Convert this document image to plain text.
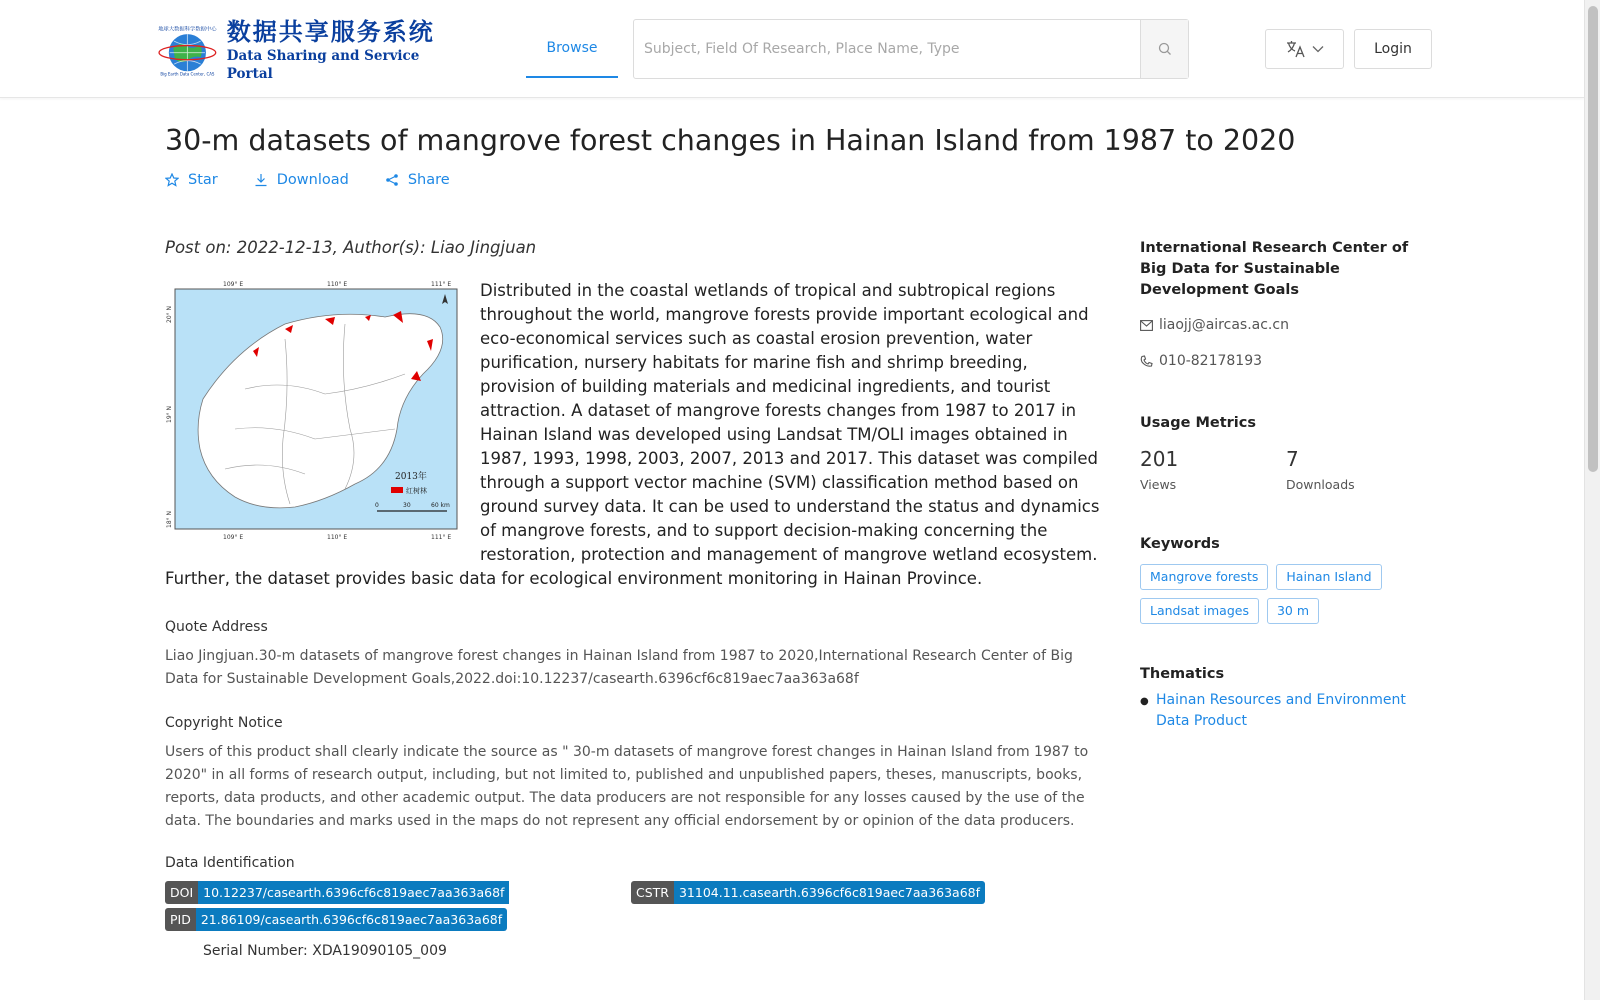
地球大数据科学数据中心
Big Earth Data Center, CAS
数据共享服务系统
Data Sharing and Service Portal
Browse
Subject, Field Of Research, Place Name, Type	Login
30-m datasets of mangrove forest changes in Hainan Island from 1987 to 2020
Star	Download	Share
Post on: 2022-12-13, Author(s): Liao Jingjuan
2013年
红树林
0	30	60 km
109° E	110° E	111° E
109° E	110° E	111° E
20° N
19° N
18° N
Distributed in the coastal wetlands of tropical and subtropical regions throughout the world, mangrove forests provide important ecological and eco-economical services such as coastal erosion prevention, water purification, nursery habitats for marine fish and shrimp breeding, provision of building materials and medicinal ingredients, and tourist attraction. A dataset of mangrove forests changes from 1987 to 2017 in Hainan Island was developed using Landsat TM/OLI images obtained in 1987, 1993, 1998, 2003, 2007, 2013 and 2017. This dataset was compiled through a support vector machine (SVM) classification method based on ground survey data. It can be used to understand the status and dynamics of mangrove forests, and to support decision-making concerning the restoration, protection and management of mangrove wetland ecosystem. Further, the dataset provides basic data for ecological environment monitoring in Hainan Province.
Quote Address
Liao Jingjuan.30-m datasets of mangrove forest changes in Hainan Island from 1987 to 2020,International Research Center of Big Data for Sustainable Development Goals,2022.doi:10.12237/casearth.6396cf6c819aec7aa363a68f
Copyright Notice
Users of this product shall clearly indicate the source as " 30-m datasets of mangrove forest changes in Hainan Island from 1987 to 2020" in all forms of research output, including, but not limited to, published and unpublished papers, theses, manuscripts, books, reports, data products, and other academic output. The data producers are not responsible for any losses caused by the use of the data. The boundaries and marks used in the maps do not represent any official endorsement by or opinion of the data producers.
Data Identification
DOI 10.12237/casearth.6396cf6c819aec7aa363a68f	CSTR 31104.11.casearth.6396cf6c819aec7aa363a68f
PID 21.86109/casearth.6396cf6c819aec7aa363a68f
Serial Number: XDA19090105_009
International Research Center of Big Data for Sustainable Development Goals
liaojj@aircas.ac.cn
010-82178193
Usage Metrics
201
Views
7
Downloads
Keywords
Mangrove forests	Hainan Island
Landsat images	30 m
Thematics
● Hainan Resources and Environment Data Product
